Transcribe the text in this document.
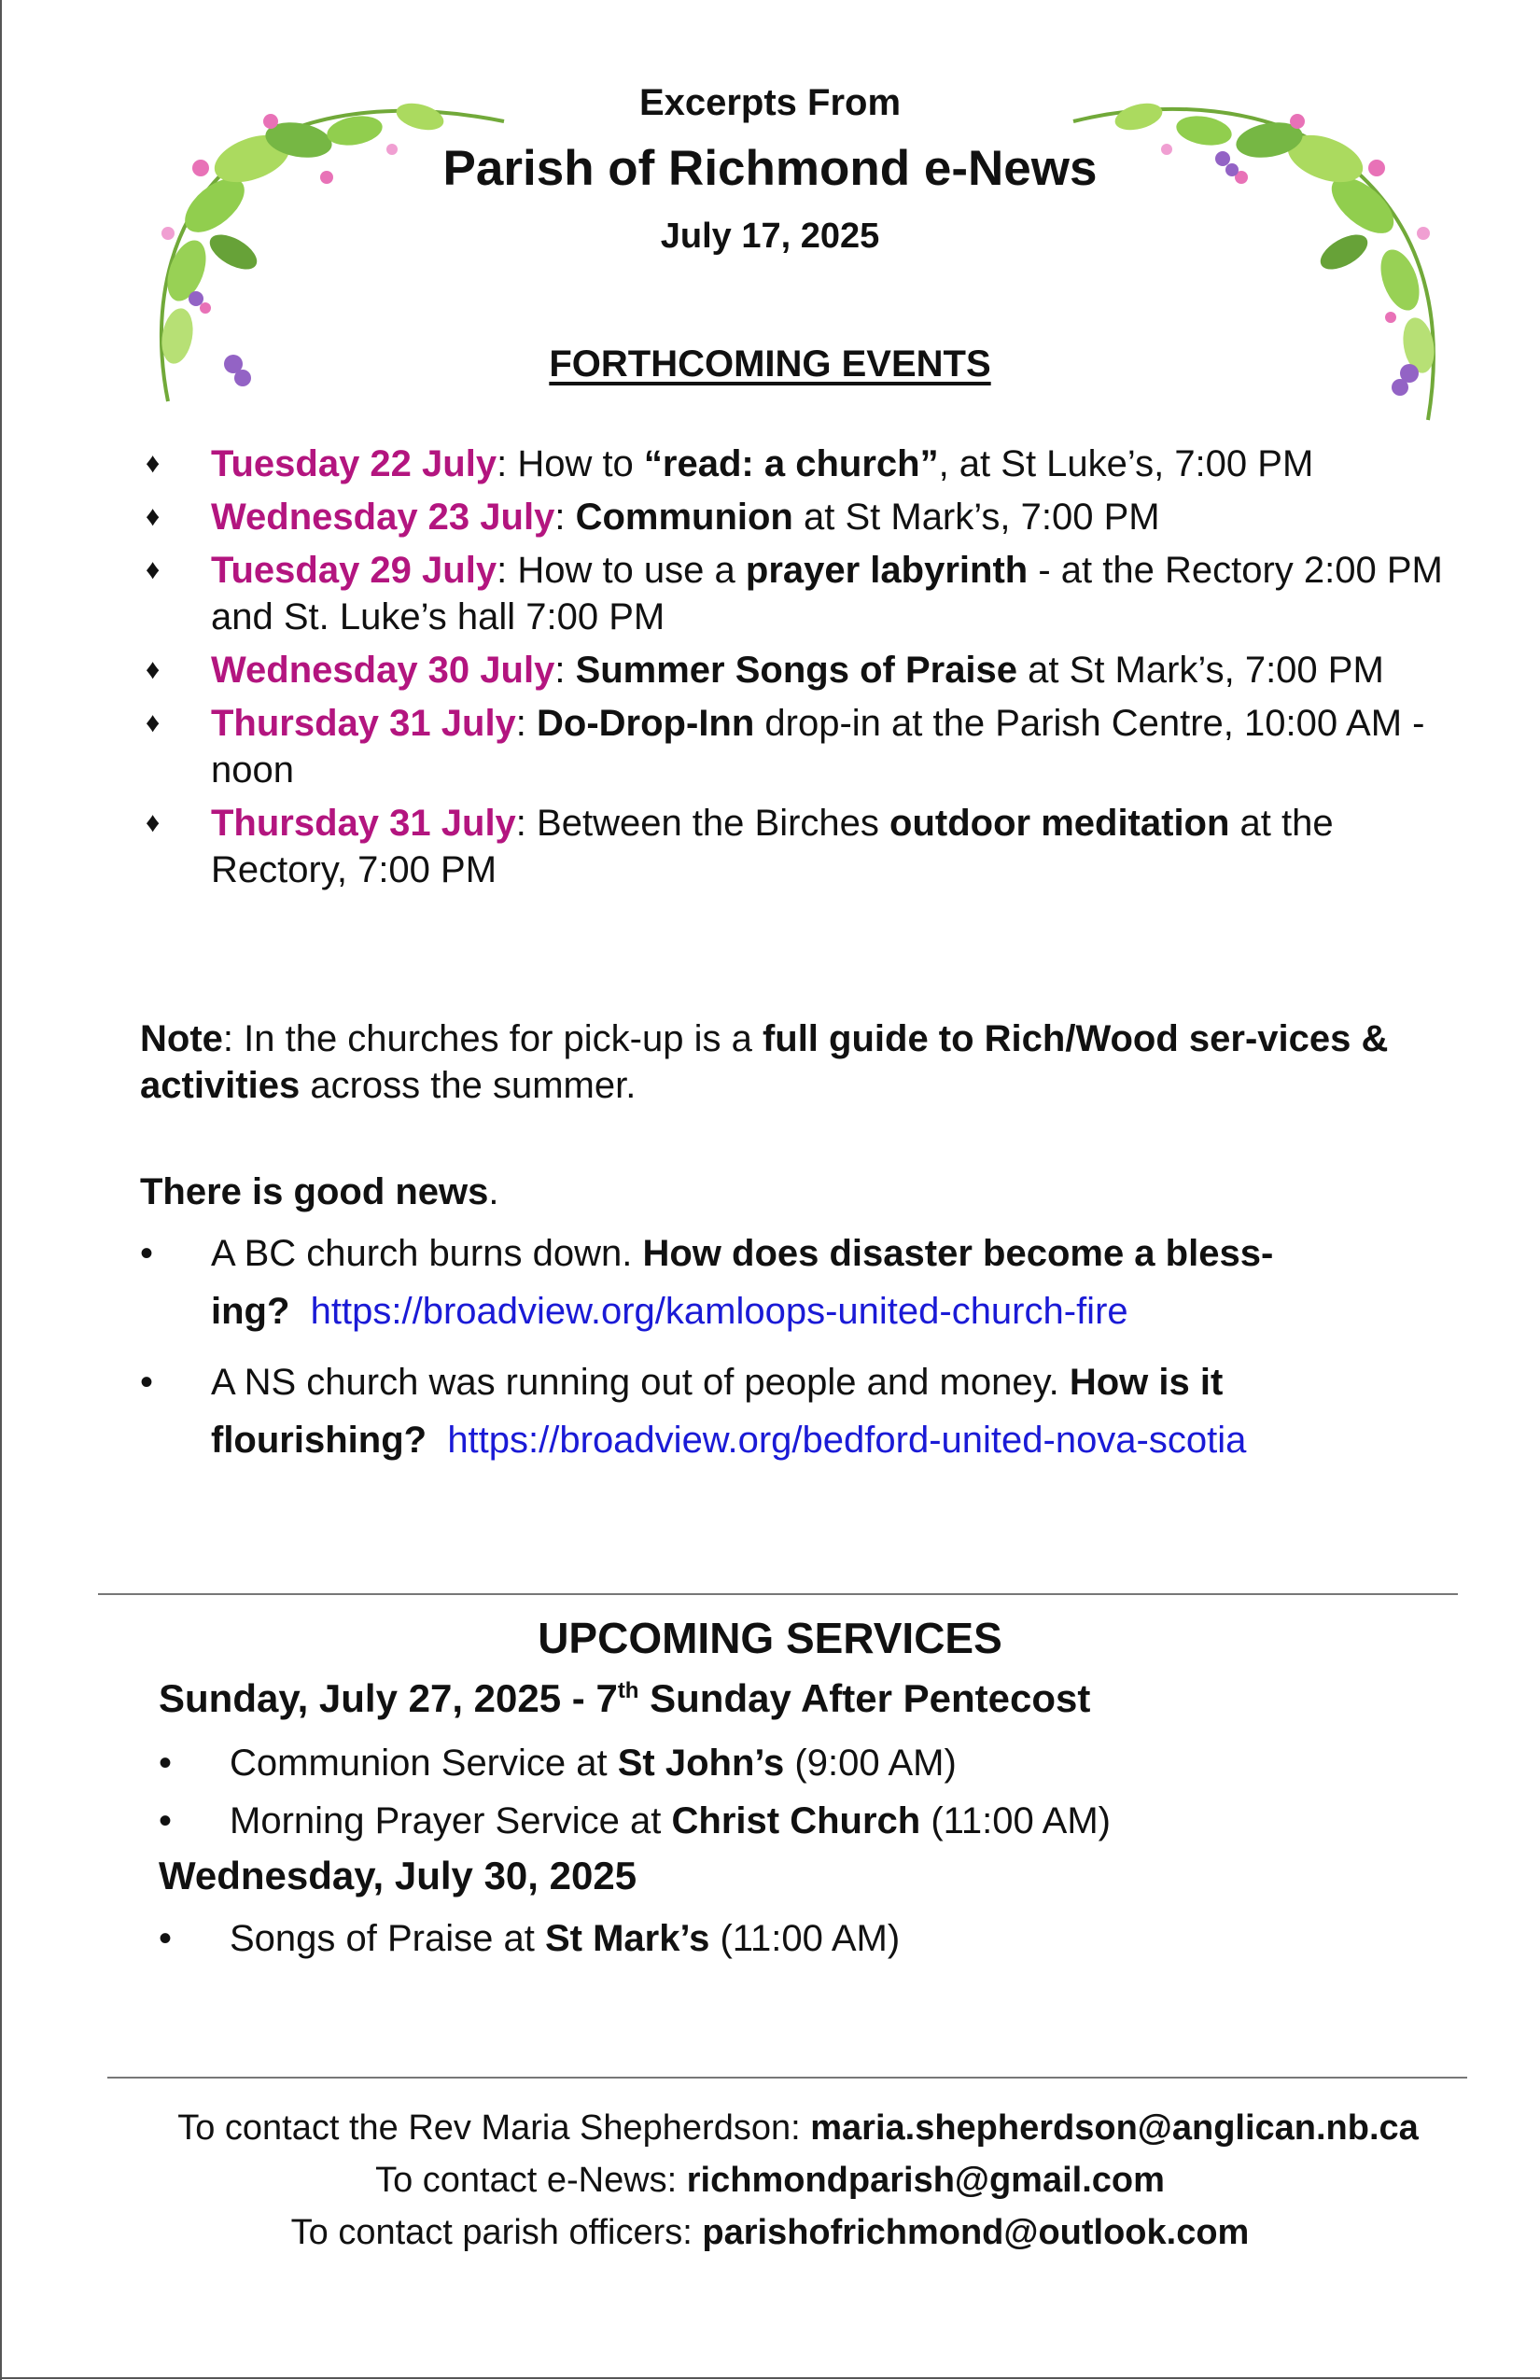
Excerpts From
Parish of Richmond e-News
July 17, 2025
FORTHCOMING EVENTS
♦ Tuesday 22 July: How to “read: a church”, at St Luke’s, 7:00 PM
♦ Wednesday 23 July: Communion at St Mark’s, 7:00 PM
♦ Tuesday 29 July: How to use a prayer labyrinth - at the Rectory 2:00 PM and St. Luke’s hall 7:00 PM
♦ Wednesday 30 July: Summer Songs of Praise at St Mark’s, 7:00 PM
♦ Thursday 31 July: Do-Drop-Inn drop-in at the Parish Centre, 10:00 AM - noon
♦ Thursday 31 July: Between the Birches outdoor meditation at the Rectory, 7:00 PM
Note: In the churches for pick-up is a full guide to Rich/Wood ser-vices & activities across the summer.
There is good news.
• A BC church burns down. How does disaster become a bless-ing? https://broadview.org/kamloops-united-church-fire
• A NS church was running out of people and money. How is it flourishing? https://broadview.org/bedford-united-nova-scotia
UPCOMING SERVICES
Sunday, July 27, 2025 - 7th Sunday After Pentecost
• Communion Service at St John’s (9:00 AM)
• Morning Prayer Service at Christ Church (11:00 AM)
Wednesday, July 30, 2025
• Songs of Praise at St Mark’s (11:00 AM)
To contact the Rev Maria Shepherdson: maria.shepherdson@anglican.nb.ca
To contact e-News: richmondparish@gmail.com
To contact parish officers: parishofrichmond@outlook.com
